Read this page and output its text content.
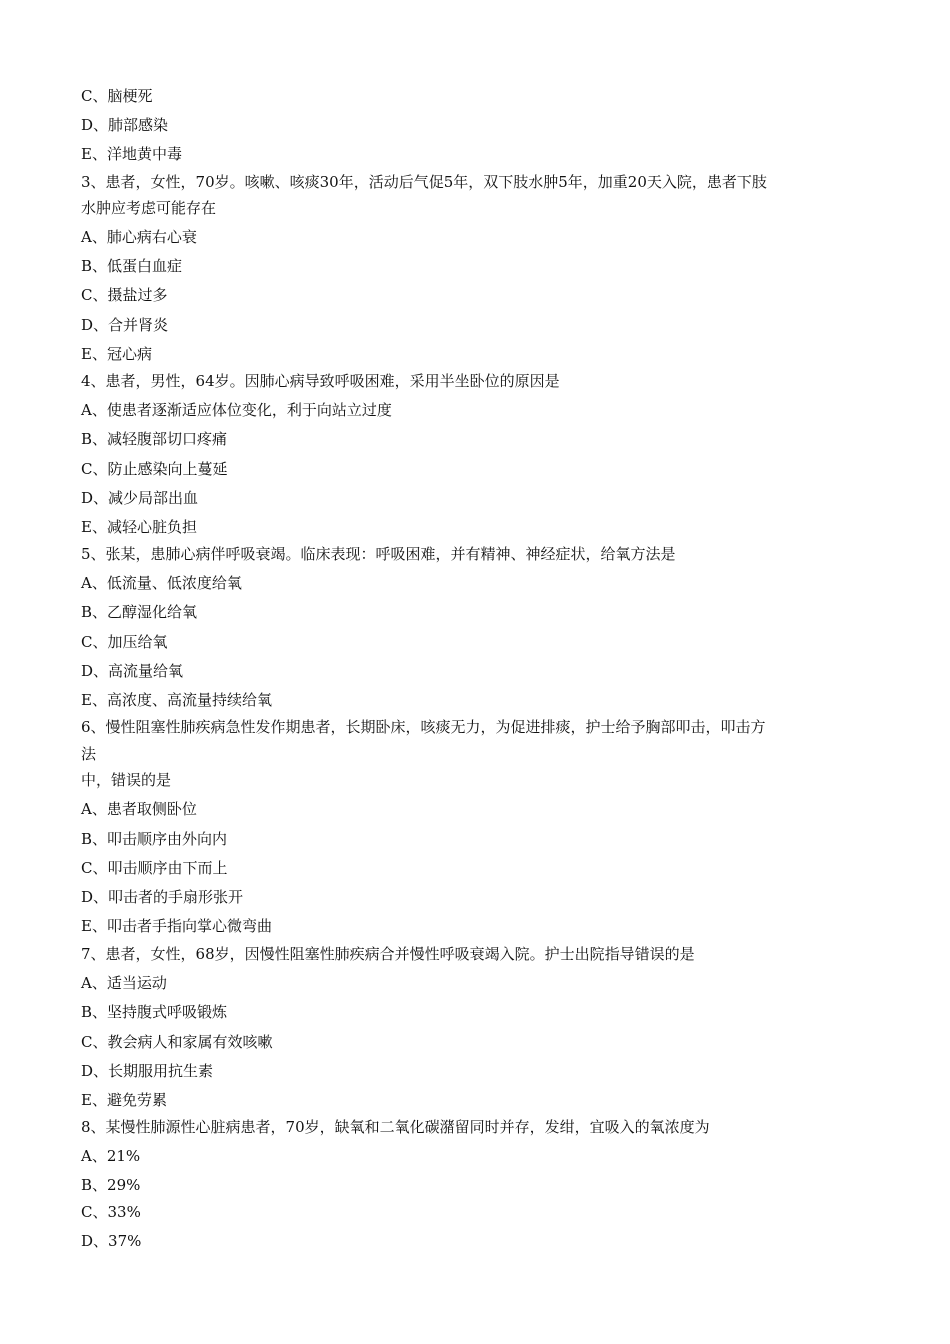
C、脑梗死
D、肺部感染
E、洋地黄中毒
3、患者，女性，70岁。咳嗽、咳痰30年，活动后气促5年，双下肢水肿5年，加重20天入院，患者下肢
水肿应考虑可能存在
A、肺心病右心衰
B、低蛋白血症
C、摄盐过多
D、合并肾炎
E、冠心病
4、患者，男性，64岁。因肺心病导致呼吸困难，采用半坐卧位的原因是
A、使患者逐渐适应体位变化，利于向站立过度
B、减轻腹部切口疼痛
C、防止感染向上蔓延
D、减少局部出血
E、减轻心脏负担
5、张某，患肺心病伴呼吸衰竭。临床表现：呼吸困难，并有精神、神经症状，给氧方法是
A、低流量、低浓度给氧
B、乙醇湿化给氧
C、加压给氧
D、高流量给氧
E、高浓度、高流量持续给氧
6、慢性阻塞性肺疾病急性发作期患者，长期卧床，咳痰无力，为促进排痰，护士给予胸部叩击，叩击方
法
中，错误的是
A、患者取侧卧位
B、叩击顺序由外向内
C、叩击顺序由下而上
D、叩击者的手扇形张开
E、叩击者手指向掌心微弯曲
7、患者，女性，68岁，因慢性阻塞性肺疾病合并慢性呼吸衰竭入院。护士出院指导错误的是
A、适当运动
B、坚持腹式呼吸锻炼
C、教会病人和家属有效咳嗽
D、长期服用抗生素
E、避免劳累
8、某慢性肺源性心脏病患者，70岁，缺氧和二氧化碳潴留同时并存，发绀，宜吸入的氧浓度为
A、21%
B、29%
C、33%
D、37%
